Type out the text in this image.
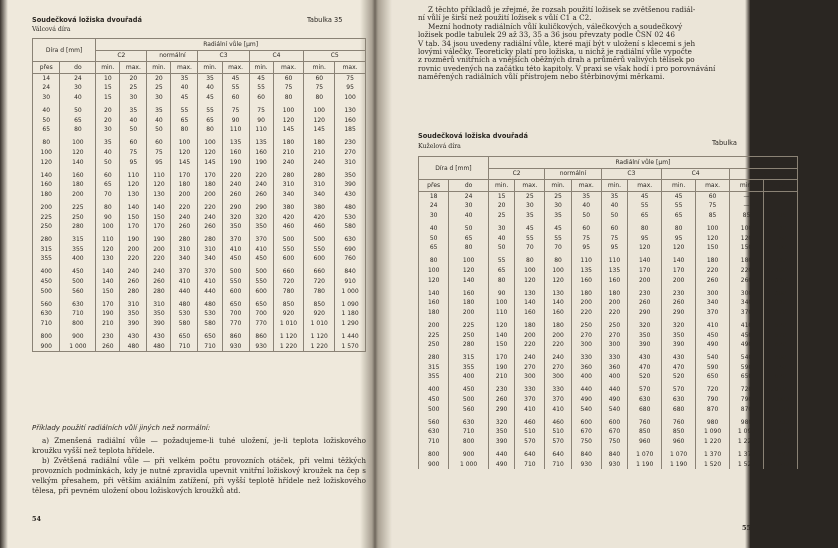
Soudečková ložiska dvouřadá	Tabulka 35
Válcová díra
Díra d [mm]		Radiální vůle [µm]									
		C2		normální		C3		C4		C5	
přes	do	min.	max.	min.	max.	min.	max.	min.	max.	min.	max.
14	24	10	20	20	35	35	45	45	60	60	75
24	30	15	25	25	40	40	55	55	75	75	95
30	40	15	30	30	45	45	60	60	80	80	100

40	50	20	35	35	55	55	75	75	100	100	130
50	65	20	40	40	65	65	90	90	120	120	160
65	80	30	50	50	80	80	110	110	145	145	185

80	100	35	60	60	100	100	135	135	180	180	230
100	120	40	75	75	120	120	160	160	210	210	270
120	140	50	95	95	145	145	190	190	240	240	310

140	160	60	110	110	170	170	220	220	280	280	350
160	180	65	120	120	180	180	240	240	310	310	390
180	200	70	130	130	200	200	260	260	340	340	430

200	225	80	140	140	220	220	290	290	380	380	480
225	250	90	150	150	240	240	320	320	420	420	530
250	280	100	170	170	260	260	350	350	460	460	580

280	315	110	190	190	280	280	370	370	500	500	630
315	355	120	200	200	310	310	410	410	550	550	690
355	400	130	220	220	340	340	450	450	600	600	760

400	450	140	240	240	370	370	500	500	660	660	840
450	500	140	260	260	410	410	550	550	720	720	910
500	560	150	280	280	440	440	600	600	780	780	1 000

560	630	170	310	310	480	480	650	650	850	850	1 090
630	710	190	350	350	530	530	700	700	920	920	1 180
710	800	210	390	390	580	580	770	770	1 010	1 010	1 290

800	900	230	430	430	650	650	860	860	1 120	1 120	1 440
900	1 000	260	480	480	710	710	930	930	1 220	1 220	1 570
Příklady použití radiálních vůlí jiných než normální:

a) Zmenšená radiální vůle — požadujeme-li tuhé uložení, je-li teplota ložiskového kroužku vyšší než teplota hřídele.

b) Zvětšená radiální vůle — při velkém počtu provozních otáček, při velmi těžkých provozních podmínkách, kdy je nutné zpravidla upevnit vnitřní ložiskový kroužek na čep s velkým přesahem, při větším axiálním zatížení, při vyšší teplotě hřídele než ložiskového tělesa, při pevném uložení obou ložiskových kroužků atd.

54
Z těchto příkladů je zřejmé, že rozsah použití ložisek se zvětšenou radiál-
ní vůlí je širší než použití ložisek s vůlí C1 a C2.
Mezní hodnoty radiálních vůlí kuličkových, válečkových a soudečkový
ložisek podle tabulek 29 až 33, 35 a 36 jsou převzaty podle ČSN 02 46
V tab. 34 jsou uvedeny radiální vůle, které mají být v uložení s klecemi s jeh
lovými válečky. Teoreticky platí pro ložiska, u nichž je radiální vůle vypočte
z rozměrů vnitřních a vnějších oběžných drah a průměrů valivých tělísek po
rovnic uvedených na začátku této kapitoly. V praxi se však hodí i pro porovnávání
naměřených radiálních vůlí přístrojem nebo štěrbinovými měrkami.
Soudečková ložiska dvouřadá
Tabulka
Kuželová díra
Díra d [mm]		Radiální vůle [µm]									
		C2		normální		C3		C4		C5	
přes	do	min.	max.	min.	max.	min.	max.	min.	max.	min.	max.
18	24	15	25	25	35	35	45	45	60	—	—
24	30	20	30	30	40	40	55	55	75	—	—
30	40	25	35	35	50	50	65	65	85	85	105

40	50	30	45	45	60	60	80	80	100	100	130
50	65	40	55	55	75	75	95	95	120	120	160
65	80	50	70	70	95	95	120	120	150	150	200

80	100	55	80	80	110	110	140	140	180	180	230
100	120	65	100	100	135	135	170	170	220	220	280
120	140	80	120	120	160	160	200	200	260	260	330

140	160	90	130	130	180	180	230	230	300	300	380
160	180	100	140	140	200	200	260	260	340	340	430
180	200	110	160	160	220	220	290	290	370	370	470

200	225	120	180	180	250	250	320	320	410	410	520
225	250	140	200	200	270	270	350	350	450	450	570
250	280	150	220	220	300	300	390	390	490	490	620

280	315	170	240	240	330	330	430	430	540	540	680
315	355	190	270	270	360	360	470	470	590	590	740
355	400	210	300	300	400	400	520	520	650	650	820

400	450	230	330	330	440	440	570	570	720	720	910
450	500	260	370	370	490	490	630	630	790	790	1 000
500	560	290	410	410	540	540	680	680	870	870	1 100

560	630	320	460	460	600	600	760	760	980	980	1 230
630	710	350	510	510	670	670	850	850	1 090	1 090	1 360
710	800	390	570	570	750	750	960	960	1 220	1 220	1 500

800	900	440	640	640	840	840	1 070	1 070	1 370	1 370	1 690
900	1 000	490	710	710	930	930	1 190	1 190	1 520	1 520	1 860
55
